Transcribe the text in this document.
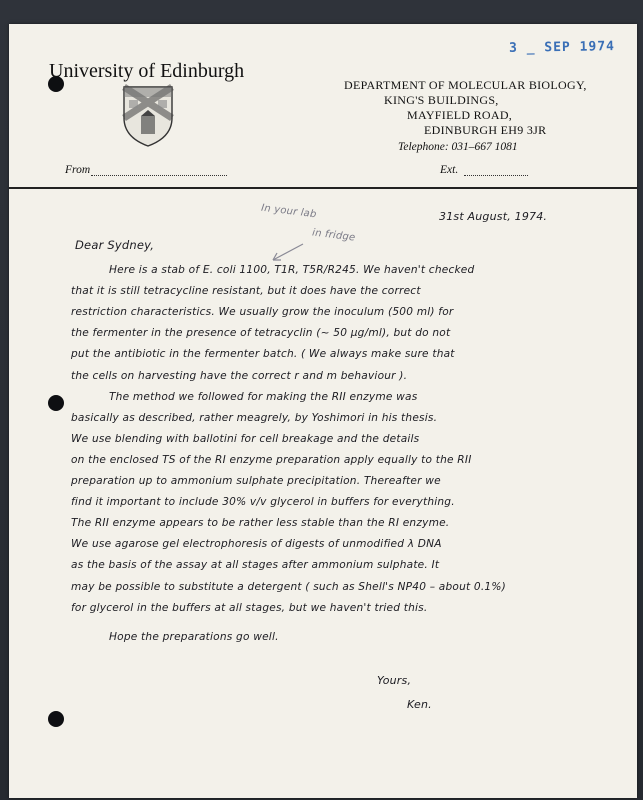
3 _ SEP 1974
University of Edinburgh
DEPARTMENT OF MOLECULAR BIOLOGY,
KING'S BUILDINGS,
MAYFIELD ROAD,
EDINBURGH EH9 3JR
Telephone: 031–667 1081
From	Ext.
In your lab
in fridge
31st August, 1974.
Dear Sydney,
Here is a stab of E. coli 1100, T1R, T5R/R245. We haven't checked
that it is still tetracycline resistant, but it does have the correct
restriction characteristics. We usually grow the inoculum (500 ml) for
the fermenter in the presence of tetracyclin (~ 50 μg/ml), but do not
put the antibiotic in the fermenter batch. ( We always make sure that
the cells on harvesting have the correct r and m behaviour ).
The method we followed for making the RII enzyme was
basically as described, rather meagrely, by Yoshimori in his thesis.
We use blending with ballotini for cell breakage and the details
on the enclosed TS of the RI enzyme preparation apply equally to the RII
preparation up to ammonium sulphate precipitation. Thereafter we
find it important to include 30% v/v glycerol in buffers for everything.
The RII enzyme appears to be rather less stable than the RI enzyme.
We use agarose gel electrophoresis of digests of unmodified λ DNA
as the basis of the assay at all stages after ammonium sulphate. It
may be possible to substitute a detergent ( such as Shell's NP40 – about 0.1%)
for glycerol in the buffers at all stages, but we haven't tried this.
Hope the preparations go well.
Yours,
Ken.
